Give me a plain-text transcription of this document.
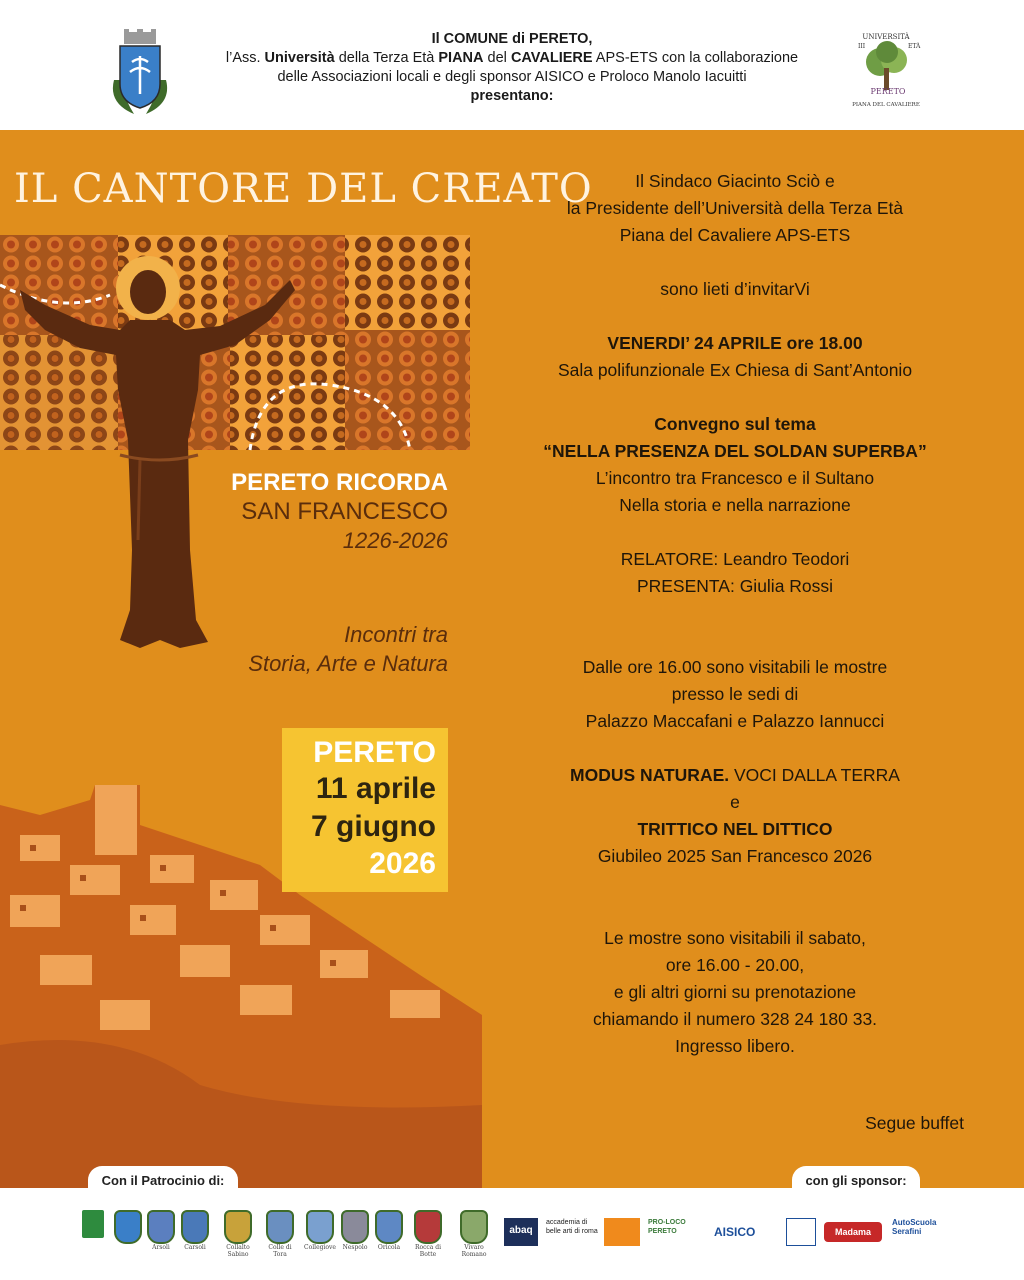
Il COMUNE di PERETO,
l’Ass. Università della Terza Età PIANA del CAVALIERE APS-ETS con la collaborazione
delle Associazioni locali e degli sponsor AISICO e Proloco Manolo Iacuitti
presentano:
UNIVERSITÀ
III	ETÀ
PERETO
PIANA DEL CAVALIERE
IL CANTORE DEL CREATO
PERETO RICORDA
SAN FRANCESCO
1226-2026
Incontri tra
Storia, Arte e Natura
PERETO
11 aprile
7 giugno
2026
Il Sindaco Giacinto Sciò e
la Presidente dell’Università della Terza Età
Piana del Cavaliere APS-ETS
sono lieti d’invitarVi
VENERDI’ 24 APRILE ore 18.00
Sala polifunzionale Ex Chiesa di Sant’Antonio
Convegno sul tema
“NELLA PRESENZA DEL SOLDAN SUPERBA”
L’incontro tra Francesco e il Sultano
Nella storia e nella narrazione
RELATORE: Leandro Teodori
PRESENTA: Giulia Rossi
Dalle ore 16.00 sono visitabili le mostre
presso le sedi di
Palazzo Maccafani e Palazzo Iannucci
MODUS NATURAE. VOCI DALLA TERRA
e
TRITTICO NEL DITTICO
Giubileo 2025 San Francesco 2026
Le mostre sono visitabili il sabato,
ore 16.00 - 20.00,
e gli altri giorni su prenotazione
chiamando il numero 328 24 180 33.
Ingresso libero.
Segue buffet
Con il Patrocinio di:	con gli sponsor:
Arsoli	Carsoli	Collalto Sabino
Colle di Tora
Collegiove	Nespolo	Oricola	Rocca di Botte
Vivaro Romano
abaq
accademia di belle arti di roma
PRO-LOCO PERETO	AISICO	Madama Oliva
AutoScuola Serafini
